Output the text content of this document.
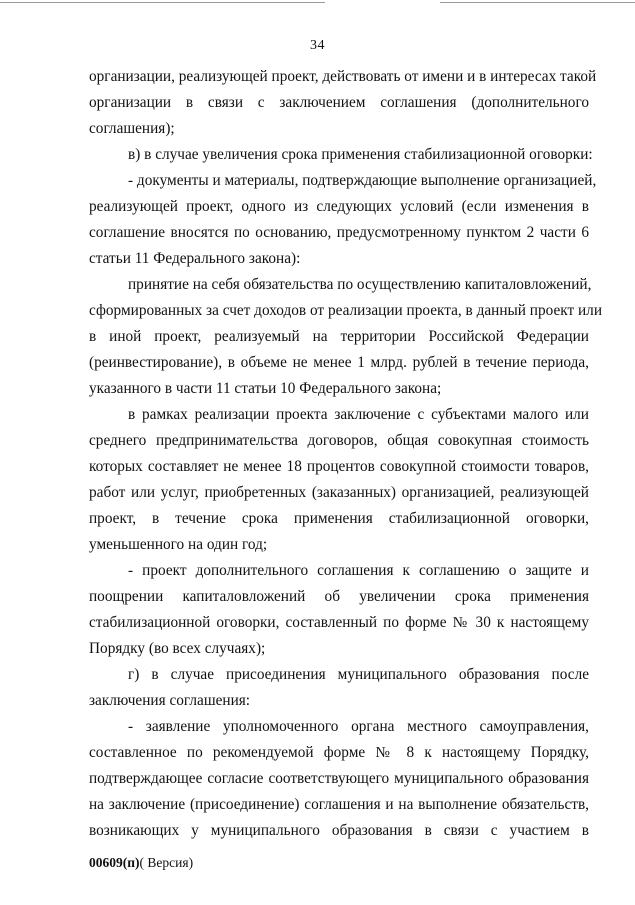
34
организации, реализующей проект, действовать от имени и в интересах такой
организации в связи с заключением соглашения (дополнительного
соглашения);
в) в случае увеличения срока применения стабилизационной оговорки:
- документы и материалы, подтверждающие выполнение организацией,
реализующей проект, одного из следующих условий (если изменения в
соглашение вносятся по основанию, предусмотренному пунктом 2 части 6
статьи 11 Федерального закона):
принятие на себя обязательства по осуществлению капиталовложений,
сформированных за счет доходов от реализации проекта, в данный проект или
в иной проект, реализуемый на территории Российской Федерации
(реинвестирование), в объеме не менее 1 млрд. рублей в течение периода,
указанного в части 11 статьи 10 Федерального закона;
в рамках реализации проекта заключение с субъектами малого или
среднего предпринимательства договоров, общая совокупная стоимость
которых составляет не менее 18 процентов совокупной стоимости товаров,
работ или услуг, приобретенных (заказанных) организацией, реализующей
проект, в течение срока применения стабилизационной оговорки,
уменьшенного на один год;
- проект дополнительного соглашения к соглашению о защите и
поощрении капиталовложений об увеличении срока применения
стабилизационной оговорки, составленный по форме № 30 к настоящему
Порядку (во всех случаях);
г) в случае присоединения муниципального образования после
заключения соглашения:
- заявление уполномоченного органа местного самоуправления,
составленное по рекомендуемой форме № 8 к настоящему Порядку,
подтверждающее согласие соответствующего муниципального образования
на заключение (присоединение) соглашения и на выполнение обязательств,
возникающих у муниципального образования в связи с участием в
00609(п)( Версия)
